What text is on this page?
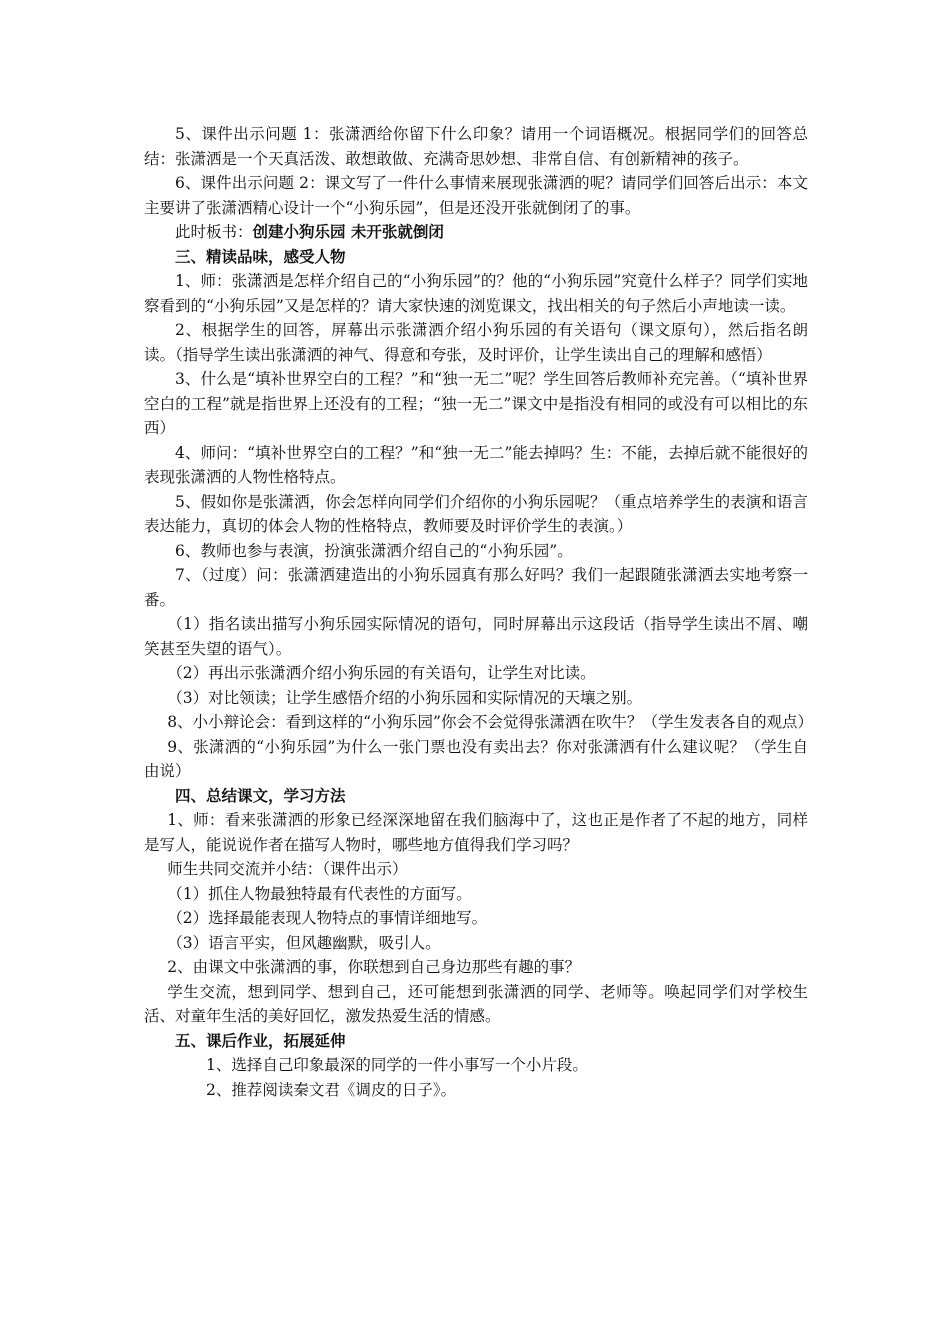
5、课件出示问题 1：张潇洒给你留下什么印象？请用一个词语概况。根据同学们的回答总结：张潇洒是一个天真活泼、敢想敢做、充满奇思妙想、非常自信、有创新精神的孩子。

6、课件出示问题 2：课文写了一件什么事情来展现张潇洒的呢？请同学们回答后出示：本文主要讲了张潇洒精心设计一个“小狗乐园”，但是还没开张就倒闭了的事。

此时板书：创建小狗乐园 未开张就倒闭

三、精读品味，感受人物

1、师：张潇洒是怎样介绍自己的“小狗乐园”的？他的“小狗乐园”究竟什么样子？同学们实地察看到的“小狗乐园”又是怎样的？请大家快速的浏览课文，找出相关的句子然后小声地读一读。

2、根据学生的回答，屏幕出示张潇洒介绍小狗乐园的有关语句（课文原句），然后指名朗读。（指导学生读出张潇洒的神气、得意和夸张，及时评价，让学生读出自己的理解和感悟）

3、什么是“填补世界空白的工程？”和“独一无二”呢？学生回答后教师补充完善。（“填补世界空白的工程”就是指世界上还没有的工程；“独一无二”课文中是指没有相同的或没有可以相比的东西）

4、师问：“填补世界空白的工程？”和“独一无二”能去掉吗？生：不能，去掉后就不能很好的表现张潇洒的人物性格特点。

5、假如你是张潇洒，你会怎样向同学们介绍你的小狗乐园呢？（重点培养学生的表演和语言表达能力，真切的体会人物的性格特点，教师要及时评价学生的表演。）

6、教师也参与表演，扮演张潇洒介绍自己的“小狗乐园”。

7、（过度）问：张潇洒建造出的小狗乐园真有那么好吗？我们一起跟随张潇洒去实地考察一番。

（1）指名读出描写小狗乐园实际情况的语句，同时屏幕出示这段话（指导学生读出不屑、嘲笑甚至失望的语气）。

（2）再出示张潇洒介绍小狗乐园的有关语句，让学生对比读。

（3）对比领读；让学生感悟介绍的小狗乐园和实际情况的天壤之别。

8、小小辩论会：看到这样的“小狗乐园”你会不会觉得张潇洒在吹牛？（学生发表各自的观点）

9、张潇洒的“小狗乐园”为什么一张门票也没有卖出去？你对张潇洒有什么建议呢？（学生自由说）

四、总结课文，学习方法

1、师：看来张潇洒的形象已经深深地留在我们脑海中了，这也正是作者了不起的地方，同样是写人，能说说作者在描写人物时，哪些地方值得我们学习吗？

师生共同交流并小结：（课件出示）

（1）抓住人物最独特最有代表性的方面写。

（2）选择最能表现人物特点的事情详细地写。

（3）语言平实，但风趣幽默，吸引人。

2、由课文中张潇洒的事，你联想到自己身边那些有趣的事？

学生交流，想到同学、想到自己，还可能想到张潇洒的同学、老师等。唤起同学们对学校生活、对童年生活的美好回忆，激发热爱生活的情感。

五、课后作业，拓展延伸

1、选择自己印象最深的同学的一件小事写一个小片段。

2、推荐阅读秦文君《调皮的日子》。
